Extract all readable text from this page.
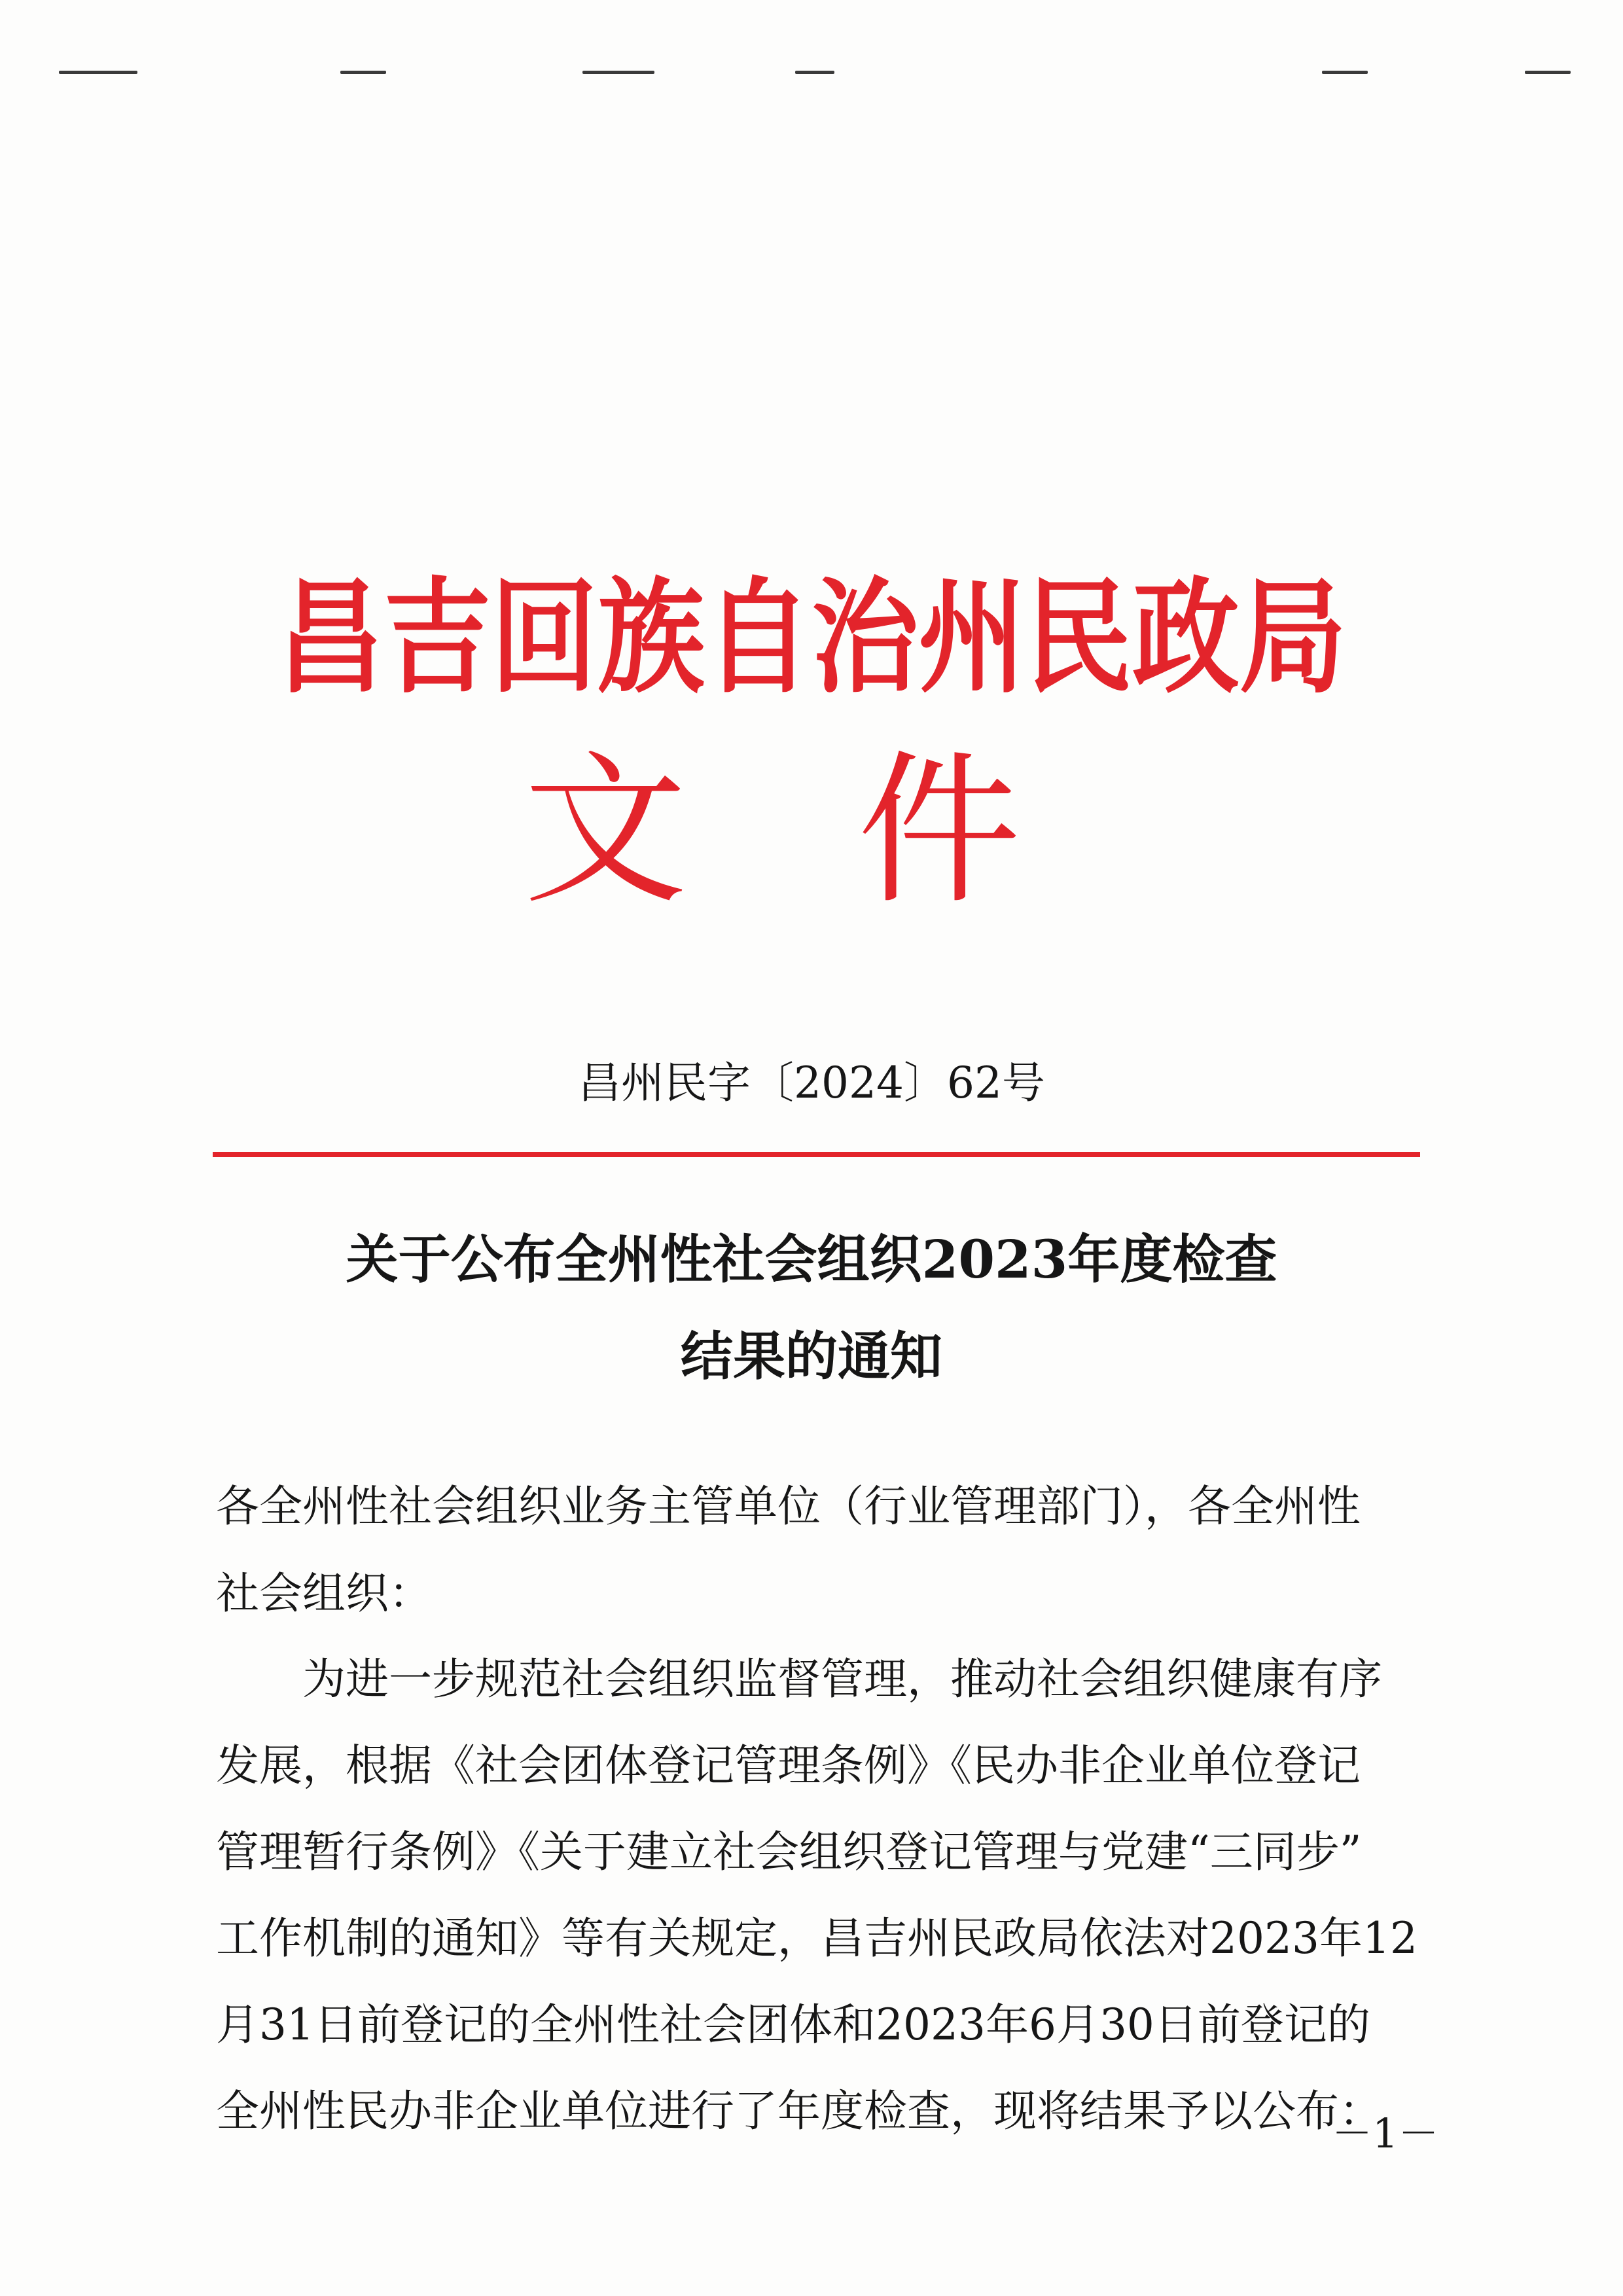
昌吉回族自治州民政局
文件
昌州民字〔2024〕62号
关于公布全州性社会组织2023年度检查
结果的通知
各全州性社会组织业务主管单位（行业管理部门），各全州性
社会组织：
为进一步规范社会组织监督管理，推动社会组织健康有序
发展，根据《社会团体登记管理条例》《民办非企业单位登记
管理暂行条例》《关于建立社会组织登记管理与党建“三同步”
工作机制的通知》等有关规定，昌吉州民政局依法对2023年12
月31日前登记的全州性社会团体和2023年6月30日前登记的
全州性民办非企业单位进行了年度检查，现将结果予以公布：
－1－
